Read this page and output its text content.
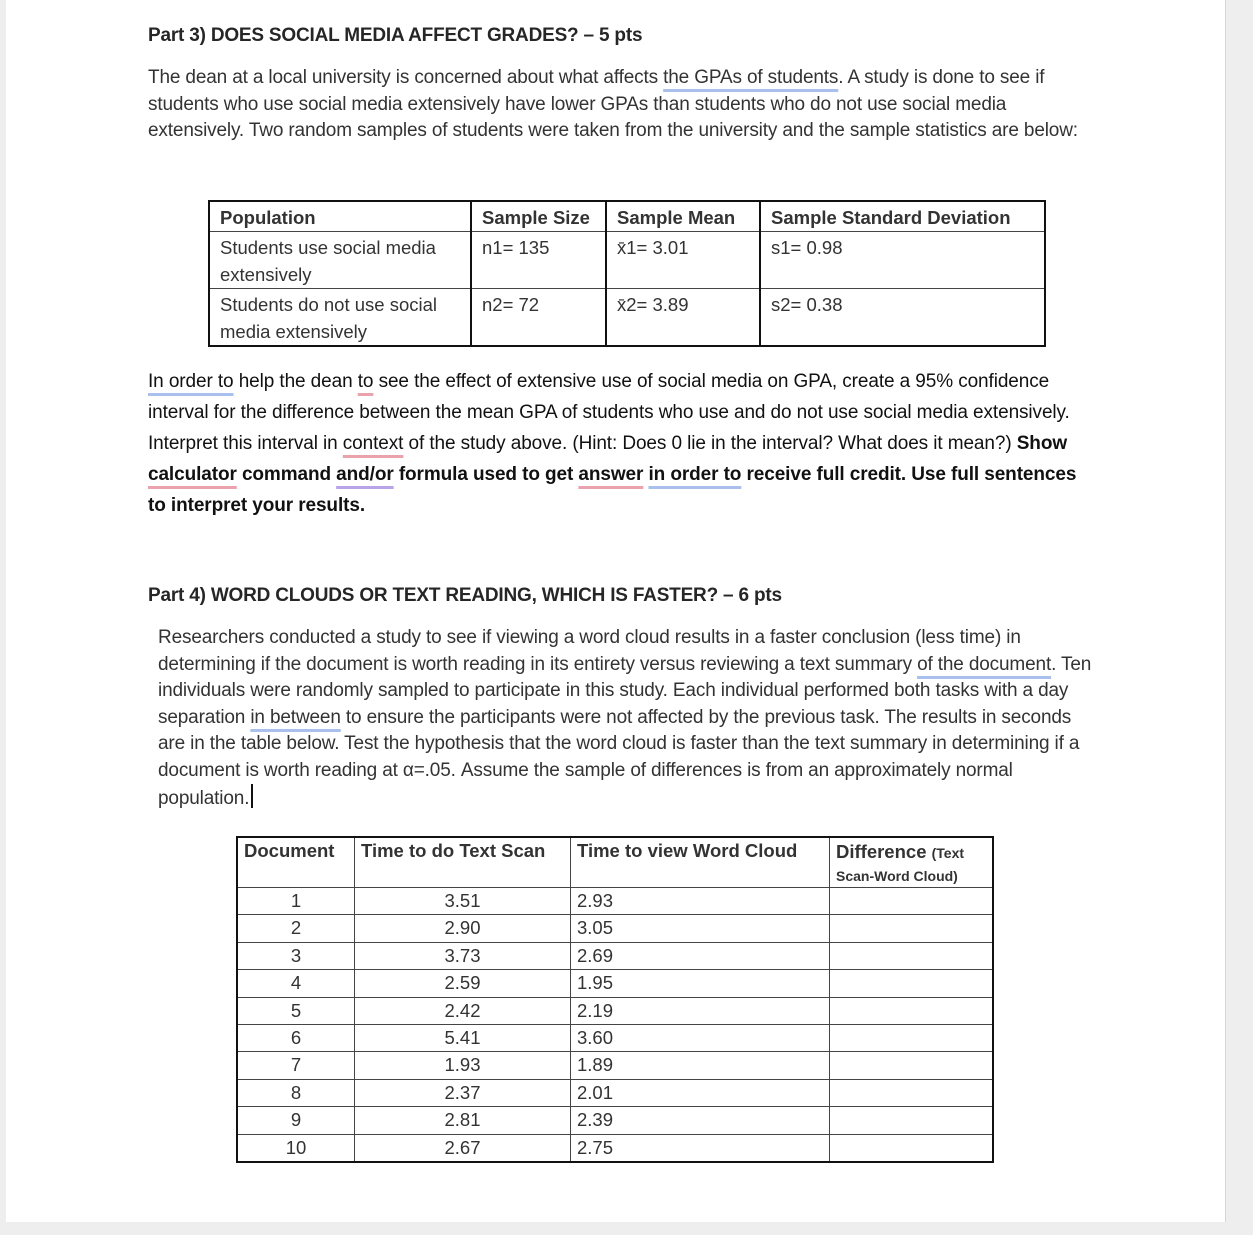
Part 3) DOES SOCIAL MEDIA AFFECT GRADES? – 5 pts
The dean at a local university is concerned about what affects the GPAs of students. A study is done to see if students who use social media extensively have lower GPAs than students who do not use social media extensively. Two random samples of students were taken from the university and the sample statistics are below:
Population	Sample Size	Sample Mean	Sample Standard Deviation
Students use social media extensively	n1= 135	x̄1= 3.01	s1= 0.98
Students do not use social media extensively	n2= 72	x̄2= 3.89	s2= 0.38
In order to help the dean to see the effect of extensive use of social media on GPA, create a 95% confidence interval for the difference between the mean GPA of students who use and do not use social media extensively. Interpret this interval in context of the study above. (Hint: Does 0 lie in the interval? What does it mean?) Show calculator command and/or formula used to get answer in order to receive full credit. Use full sentences to interpret your results.
Part 4) WORD CLOUDS OR TEXT READING, WHICH IS FASTER? – 6 pts
Researchers conducted a study to see if viewing a word cloud results in a faster conclusion (less time) in determining if the document is worth reading in its entirety versus reviewing a text summary of the document. Ten individuals were randomly sampled to participate in this study. Each individual performed both tasks with a day separation in between to ensure the participants were not affected by the previous task. The results in seconds are in the table below. Test the hypothesis that the word cloud is faster than the text summary in determining if a document is worth reading at α=.05. Assume the sample of differences is from an approximately normal population.
Document	Time to do Text Scan	Time to view Word Cloud	Difference (Text Scan-Word Cloud)
1	3.51	2.93	
2	2.90	3.05	
3	3.73	2.69	
4	2.59	1.95	
5	2.42	2.19	
6	5.41	3.60	
7	1.93	1.89	
8	2.37	2.01	
9	2.81	2.39	
10	2.67	2.75	
